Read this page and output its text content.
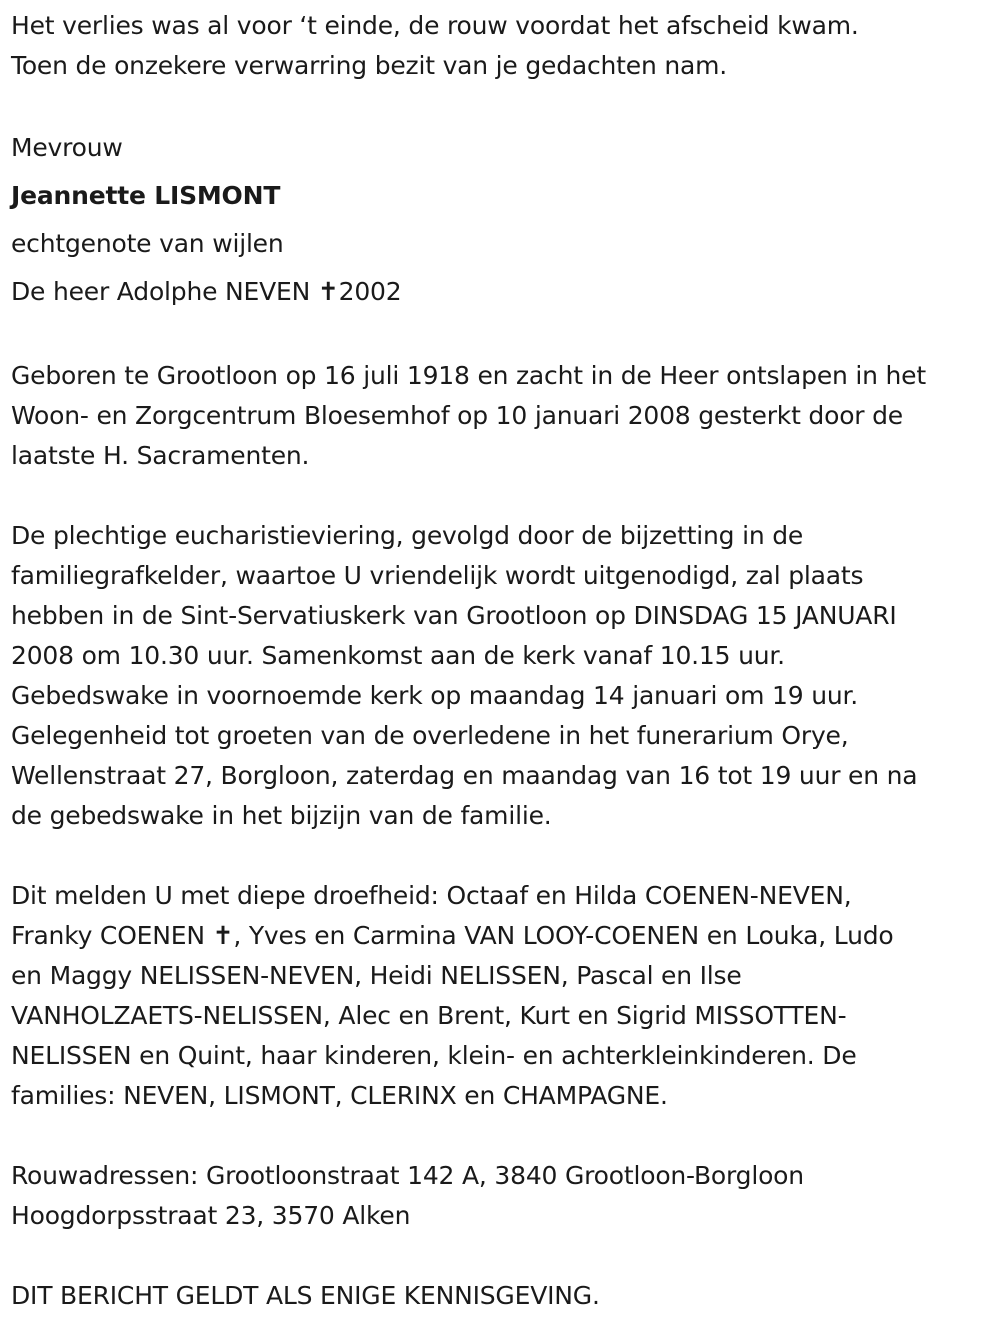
Het verlies was al voor ‘t einde, de rouw voordat het afscheid kwam.
Toen de onzekere verwarring bezit van je gedachten nam.
Mevrouw
Jeannette LISMONT
echtgenote van wijlen
De heer Adolphe NEVEN ✝2002
Geboren te Grootloon op 16 juli 1918 en zacht in de Heer ontslapen in het
Woon- en Zorgcentrum Bloesemhof op 10 januari 2008 gesterkt door de
laatste H. Sacramenten.
De plechtige eucharistieviering, gevolgd door de bijzetting in de
familiegrafkelder, waartoe U vriendelijk wordt uitgenodigd, zal plaats
hebben in de Sint-Servatiuskerk van Grootloon op DINSDAG 15 JANUARI
2008 om 10.30 uur. Samenkomst aan de kerk vanaf 10.15 uur.
Gebedswake in voornoemde kerk op maandag 14 januari om 19 uur.
Gelegenheid tot groeten van de overledene in het funerarium Orye,
Wellenstraat 27, Borgloon, zaterdag en maandag van 16 tot 19 uur en na
de gebedswake in het bijzijn van de familie.
Dit melden U met diepe droefheid: Octaaf en Hilda COENEN-NEVEN,
Franky COENEN ✝, Yves en Carmina VAN LOOY-COENEN en Louka, Ludo
en Maggy NELISSEN-NEVEN, Heidi NELISSEN, Pascal en Ilse
VANHOLZAETS-NELISSEN, Alec en Brent, Kurt en Sigrid MISSOTTEN-
NELISSEN en Quint, haar kinderen, klein- en achterkleinkinderen. De
families: NEVEN, LISMONT, CLERINX en CHAMPAGNE.
Rouwadressen: Grootloonstraat 142 A, 3840 Grootloon-Borgloon
Hoogdorpsstraat 23, 3570 Alken
DIT BERICHT GELDT ALS ENIGE KENNISGEVING.
